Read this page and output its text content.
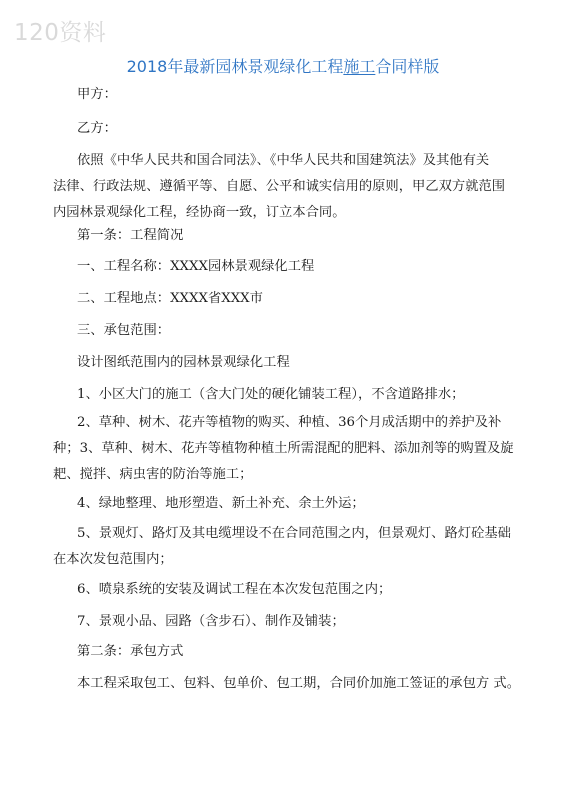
120资料
2018年最新园林景观绿化工程施工合同样版
甲方：
乙方：
依照《中华人民共和国合同法》、《中华人民共和国建筑法》及其他有关
法律、行政法规、遵循平等、自愿、公平和诚实信用的原则，甲乙双方就范围
内园林景观绿化工程，经协商一致，订立本合同。
第一条：工程简况
一、工程名称：XXXX园林景观绿化工程
二、工程地点：XXXX省XXX市
三、承包范围：
设计图纸范围内的园林景观绿化工程
1、小区大门的施工（含大门处的硬化铺装工程），不含道路排水；
2、草种、树木、花卉等植物的购买、种植、36个月成活期中的养护及补
种；3、草种、树木、花卉等植物种植土所需混配的肥料、添加剂等的购置及旋
耙、搅拌、病虫害的防治等施工；
4、绿地整理、地形塑造、新土补充、余土外运；
5、景观灯、路灯及其电缆埋设不在合同范围之内，但景观灯、路灯砼基础
在本次发包范围内；
6、喷泉系统的安装及调试工程在本次发包范围之内；
7、景观小品、园路（含步石）、制作及铺装；
第二条：承包方式
本工程采取包工、包料、包单价、包工期，合同价加施工签证的承包方 式。
